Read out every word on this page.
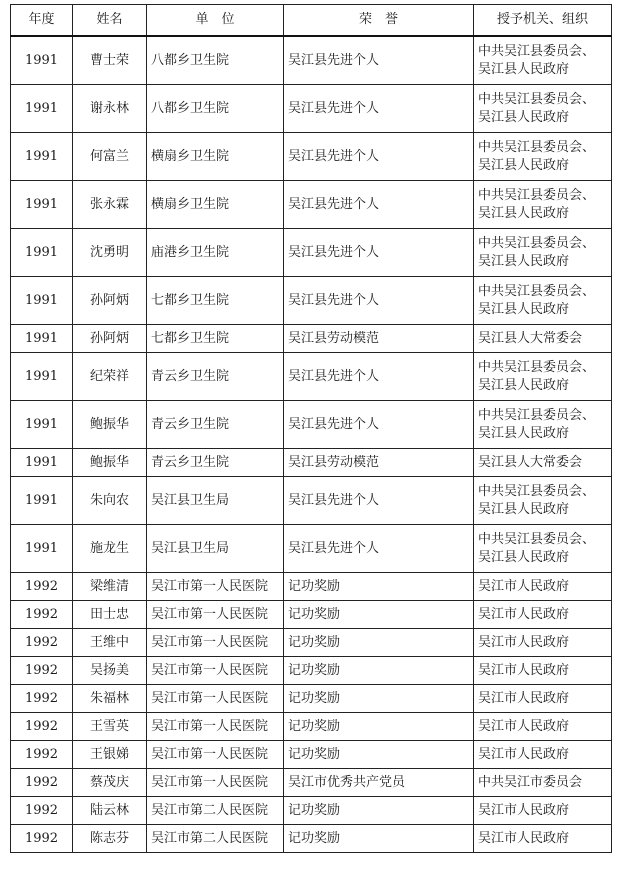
年度	姓名	单　位	荣　誉	授予机关、组织
1991	曹士荣	八都乡卫生院	吴江县先进个人	中共吴江县委员会、
吴江县人民政府
1991	谢永林	八都乡卫生院	吴江县先进个人	中共吴江县委员会、
吴江县人民政府
1991	何富兰	横扇乡卫生院	吴江县先进个人	中共吴江县委员会、
吴江县人民政府
1991	张永霖	横扇乡卫生院	吴江县先进个人	中共吴江县委员会、
吴江县人民政府
1991	沈勇明	庙港乡卫生院	吴江县先进个人	中共吴江县委员会、
吴江县人民政府
1991	孙阿炳	七都乡卫生院	吴江县先进个人	中共吴江县委员会、
吴江县人民政府
1991	孙阿炳	七都乡卫生院	吴江县劳动模范	吴江县人大常委会
1991	纪荣祥	青云乡卫生院	吴江县先进个人	中共吴江县委员会、
吴江县人民政府
1991	鲍振华	青云乡卫生院	吴江县先进个人	中共吴江县委员会、
吴江县人民政府
1991	鲍振华	青云乡卫生院	吴江县劳动模范	吴江县人大常委会
1991	朱向农	吴江县卫生局	吴江县先进个人	中共吴江县委员会、
吴江县人民政府
1991	施龙生	吴江县卫生局	吴江县先进个人	中共吴江县委员会、
吴江县人民政府
1992	梁维清	吴江市第一人民医院	记功奖励	吴江市人民政府
1992	田士忠	吴江市第一人民医院	记功奖励	吴江市人民政府
1992	王维中	吴江市第一人民医院	记功奖励	吴江市人民政府
1992	吴扬美	吴江市第一人民医院	记功奖励	吴江市人民政府
1992	朱福林	吴江市第一人民医院	记功奖励	吴江市人民政府
1992	王雪英	吴江市第一人民医院	记功奖励	吴江市人民政府
1992	王银娣	吴江市第一人民医院	记功奖励	吴江市人民政府
1992	蔡茂庆	吴江市第一人民医院	吴江市优秀共产党员	中共吴江市委员会
1992	陆云林	吴江市第二人民医院	记功奖励	吴江市人民政府
1992	陈志芬	吴江市第二人民医院	记功奖励	吴江市人民政府
